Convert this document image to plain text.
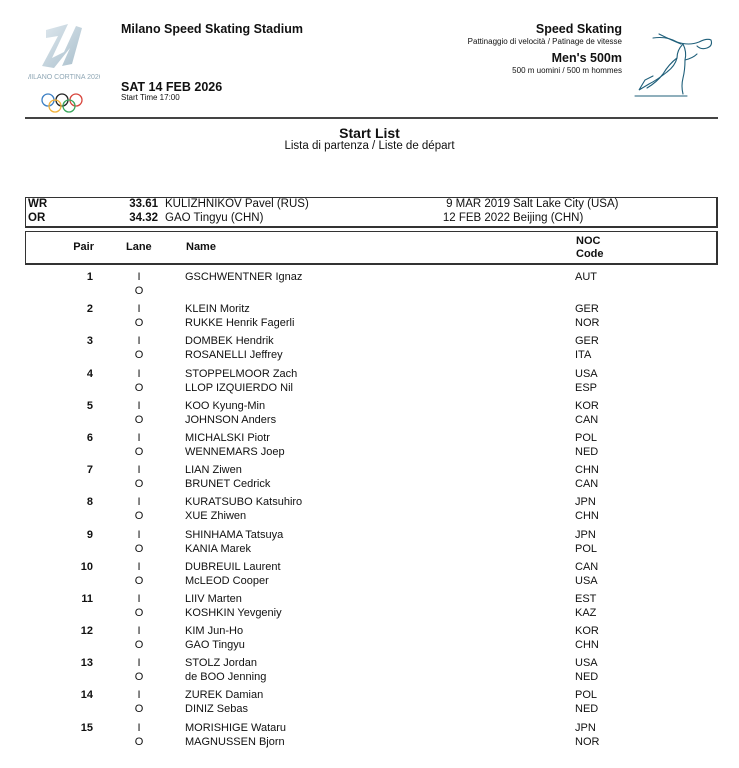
MILANO CORTINA 2026
Milano Speed Skating Stadium
SAT 14 FEB 2026
Start Time 17:00
Speed Skating
Pattinaggio di velocità / Patinage de vitesse
Men's 500m
500 m uomini / 500 m hommes
Start List
Lista di partenza / Liste de départ
WR	33.61 KULIZHNIKOV Pavel (RUS)	9 MAR 2019 Salt Lake City (USA)
OR	34.32 GAO Tingyu (CHN)	12 FEB 2022 Beijing (CHN)
Pair	Lane	Name	NOC
Code
1	I	GSCHWENTNER Ignaz	AUT
O
2	I	KLEIN Moritz	GER
O	RUKKE Henrik Fagerli	NOR
3	I	DOMBEK Hendrik	GER
O	ROSANELLI Jeffrey	ITA
4	I	STOPPELMOOR Zach	USA
O	LLOP IZQUIERDO Nil	ESP
5	I	KOO Kyung-Min	KOR
O	JOHNSON Anders	CAN
6	I	MICHALSKI Piotr	POL
O	WENNEMARS Joep	NED
7	I	LIAN Ziwen	CHN
O	BRUNET Cedrick	CAN
8	I	KURATSUBO Katsuhiro	JPN
O	XUE Zhiwen	CHN
9	I	SHINHAMA Tatsuya	JPN
O	KANIA Marek	POL
10	I	DUBREUIL Laurent	CAN
O	McLEOD Cooper	USA
11	I	LIIV Marten	EST
O	KOSHKIN Yevgeniy	KAZ
12	I	KIM Jun-Ho	KOR
O	GAO Tingyu	CHN
13	I	STOLZ Jordan	USA
O	de BOO Jenning	NED
14	I	ZUREK Damian	POL
O	DINIZ Sebas	NED
15	I	MORISHIGE Wataru	JPN
O	MAGNUSSEN Bjorn	NOR
